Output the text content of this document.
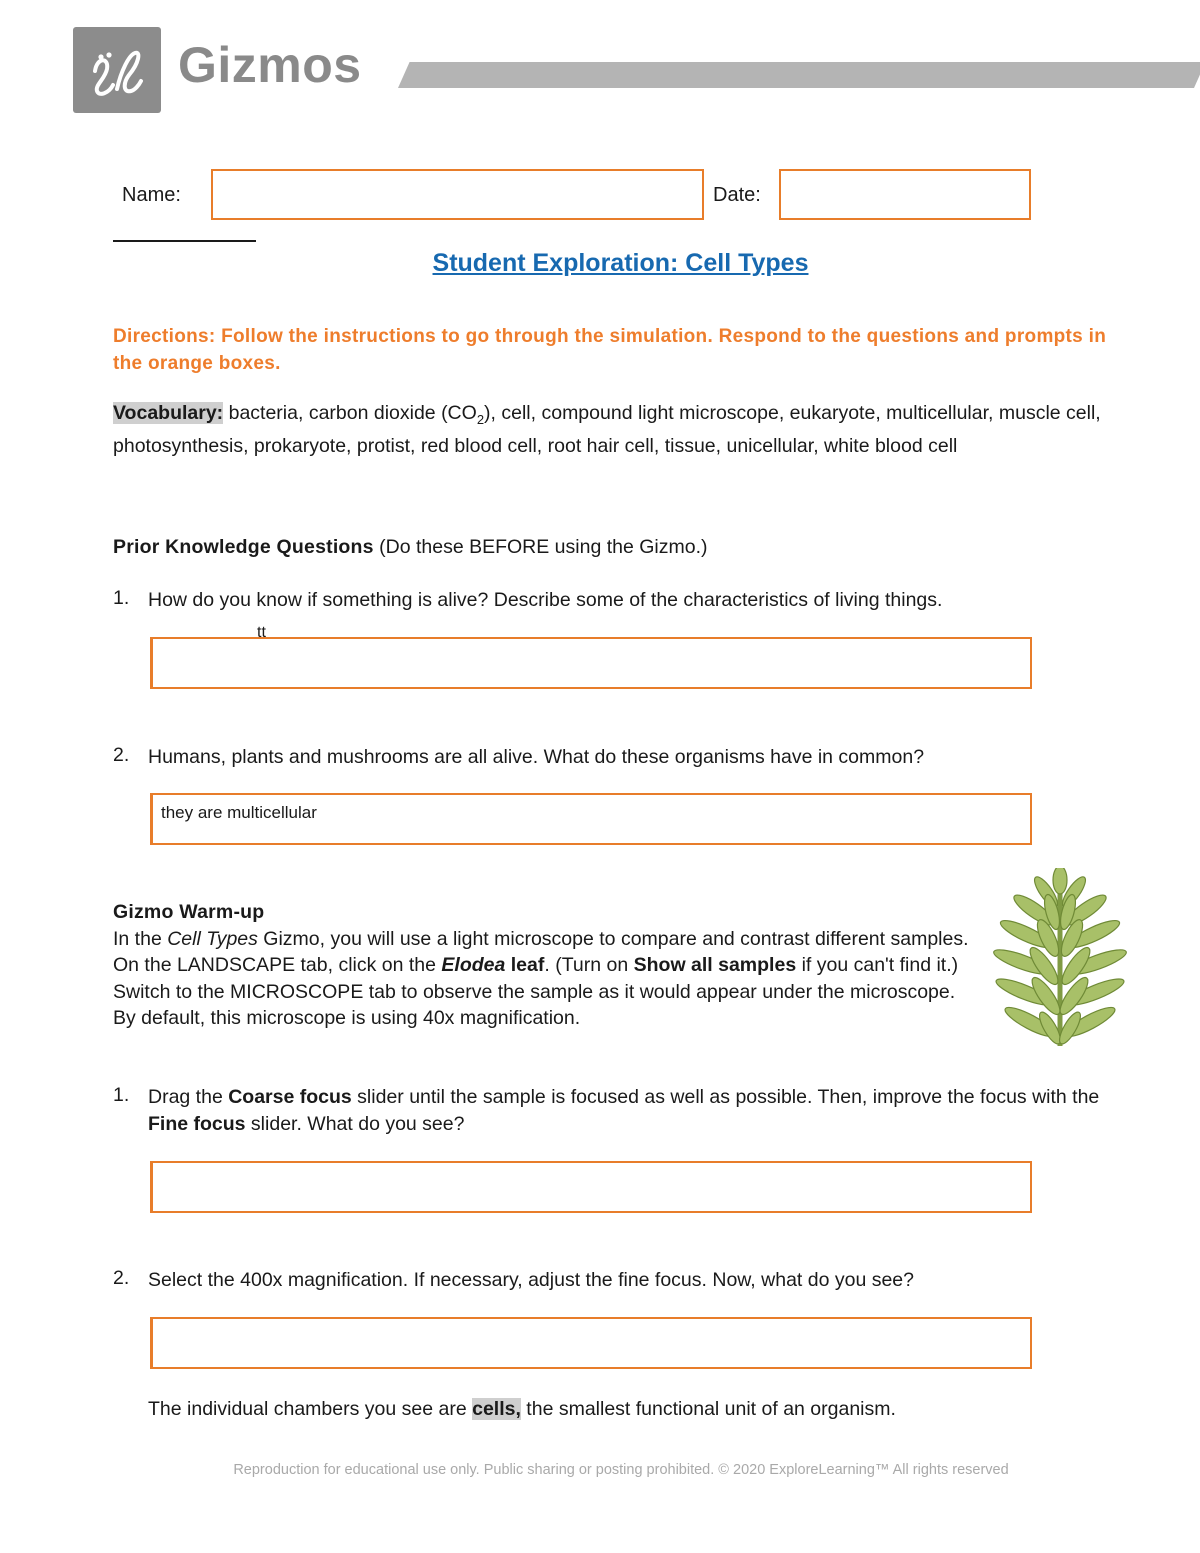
Gizmos
Name:	Date:
Student Exploration: Cell Types
Directions: Follow the instructions to go through the simulation. Respond to the questions and prompts in the orange boxes.
Vocabulary: bacteria, carbon dioxide $(CO_2)$, cell, compound light microscope, eukaryote, multicellular, muscle cell, photosynthesis, prokaryote, protist, red blood cell, root hair cell, tissue, unicellular, white blood cell
Prior Knowledge Questions (Do these BEFORE using the Gizmo.)
1. How do you know if something is alive? Describe some of the characteristics of living things.
tt
2. Humans, plants and mushrooms are all alive. What do these organisms have in common?
they are multicellular
Gizmo Warm-up
In the Cell Types Gizmo, you will use a light microscope to compare and contrast different samples. On the LANDSCAPE tab, click on the Elodea leaf. (Turn on Show all samples if you can't find it.) Switch to the MICROSCOPE tab to observe the sample as it would appear under the microscope. By default, this microscope is using 40x magnification.
1. Drag the Coarse focus slider until the sample is focused as well as possible. Then, improve the focus with the Fine focus slider. What do you see?
2. Select the 400x magnification. If necessary, adjust the fine focus. Now, what do you see?
The individual chambers you see are cells, the smallest functional unit of an organism.
Reproduction for educational use only. Public sharing or posting prohibited. © 2020 ExploreLearning™ All rights reserved
